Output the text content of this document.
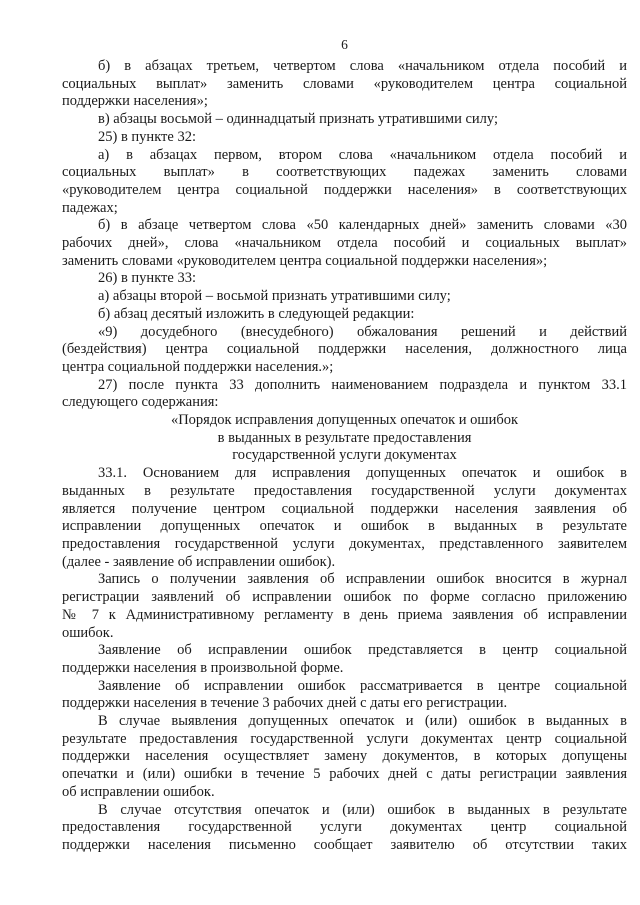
6
б) в абзацах третьем, четвертом слова «начальником отдела пособий и
социальных выплат» заменить словами «руководителем центра социальной
поддержки населения»;
в) абзацы восьмой – одиннадцатый признать утратившими силу;
25) в пункте 32:
а) в абзацах первом, втором слова «начальником отдела пособий и
социальных выплат» в соответствующих падежах заменить словами
«руководителем центра социальной поддержки населения» в соответствующих
падежах;
б) в абзаце четвертом слова «50 календарных дней» заменить словами «30
рабочих дней», слова «начальником отдела пособий и социальных выплат»
заменить словами «руководителем центра социальной поддержки населения»;
26) в пункте 33:
а) абзацы второй – восьмой признать утратившими силу;
б) абзац десятый изложить в следующей редакции:
«9) досудебного (внесудебного) обжалования решений и действий
(бездействия) центра социальной поддержки населения, должностного лица
центра социальной поддержки населения.»;
27) после пункта 33 дополнить наименованием подраздела и пунктом 33.1
следующего содержания:
«Порядок исправления допущенных опечаток и ошибок
в выданных в результате предоставления
государственной услуги документах
33.1. Основанием для исправления допущенных опечаток и ошибок в
выданных в результате предоставления государственной услуги документах
является получение центром социальной поддержки населения заявления об
исправлении допущенных опечаток и ошибок в выданных в результате
предоставления государственной услуги документах, представленного заявителем
(далее - заявление об исправлении ошибок).
Запись о получении заявления об исправлении ошибок вносится в журнал
регистрации заявлений об исправлении ошибок по форме согласно приложению
№ 7 к Административному регламенту в день приема заявления об исправлении
ошибок.
Заявление об исправлении ошибок представляется в центр социальной
поддержки населения в произвольной форме.
Заявление об исправлении ошибок рассматривается в центре социальной
поддержки населения в течение 3 рабочих дней с даты его регистрации.
В случае выявления допущенных опечаток и (или) ошибок в выданных в
результате предоставления государственной услуги документах центр социальной
поддержки населения осуществляет замену документов, в которых допущены
опечатки и (или) ошибки в течение 5 рабочих дней с даты регистрации заявления
об исправлении ошибок.
В случае отсутствия опечаток и (или) ошибок в выданных в результате
предоставления государственной услуги документах центр социальной
поддержки населения письменно сообщает заявителю об отсутствии таких
